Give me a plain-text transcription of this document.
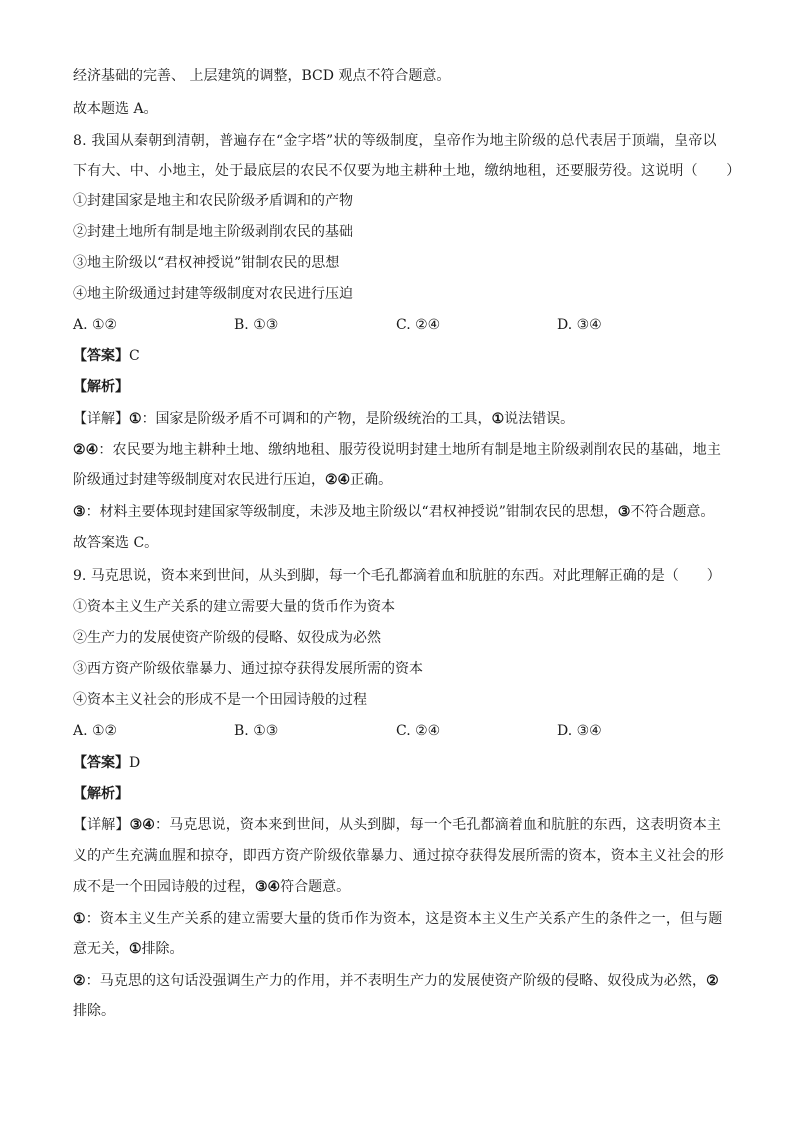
经济基础的完善、 上层建筑的调整，BCD 观点不符合题意。
故本题选 A。
8. 我国从秦朝到清朝，普遍存在“金字塔”状的等级制度，皇帝作为地主阶级的总代表居于顶端，皇帝以
下有大、中、小地主，处于最底层的农民不仅要为地主耕种土地，缴纳地租，还要服劳役。这说明（　　）
①封建国家是地主和农民阶级矛盾调和的产物
②封建土地所有制是地主阶级剥削农民的基础
③地主阶级以“君权神授说”钳制农民的思想
④地主阶级通过封建等级制度对农民进行压迫
A. ①②	B. ①③	C. ②④	D. ③④
【答案】C
【解析】
【详解】①：国家是阶级矛盾不可调和的产物，是阶级统治的工具，①说法错误。
②④：农民要为地主耕种土地、缴纳地租、服劳役说明封建土地所有制是地主阶级剥削农民的基础，地主
阶级通过封建等级制度对农民进行压迫，②④正确。
③：材料主要体现封建国家等级制度，未涉及地主阶级以“君权神授说”钳制农民的思想，③不符合题意。
故答案选 C。
9. 马克思说，资本来到世间，从头到脚，每一个毛孔都滴着血和肮脏的东西。对此理解正确的是（　　）
①资本主义生产关系的建立需要大量的货币作为资本
②生产力的发展使资产阶级的侵略、奴役成为必然
③西方资产阶级依靠暴力、通过掠夺获得发展所需的资本
④资本主义社会的形成不是一个田园诗般的过程
A. ①②	B. ①③	C. ②④	D. ③④
【答案】D
【解析】
【详解】③④：马克思说，资本来到世间，从头到脚，每一个毛孔都滴着血和肮脏的东西，这表明资本主
义的产生充满血腥和掠夺，即西方资产阶级依靠暴力、通过掠夺获得发展所需的资本，资本主义社会的形
成不是一个田园诗般的过程，③④符合题意。
①：资本主义生产关系的建立需要大量的货币作为资本，这是资本主义生产关系产生的条件之一，但与题
意无关，①排除。
②：马克思的这句话没强调生产力的作用，并不表明生产力的发展使资产阶级的侵略、奴役成为必然，②
排除。
